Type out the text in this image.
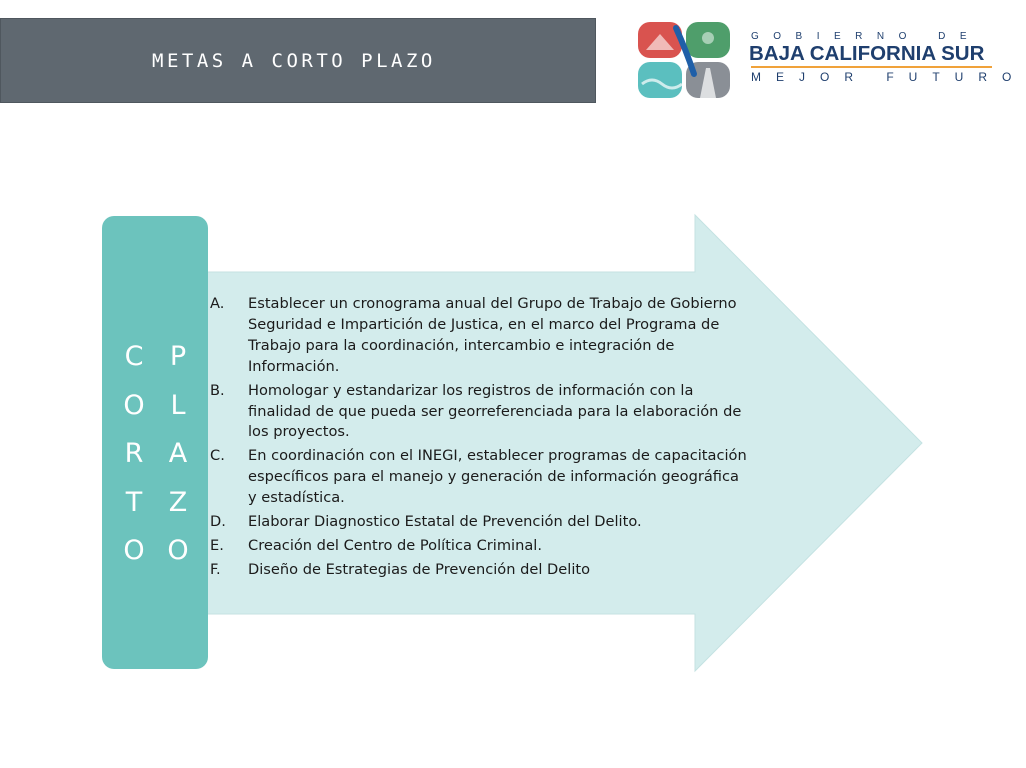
METAS A CORTO PLAZO
GOBIERNO DE
BAJA CALIFORNIA SUR
MEJOR FUTURO
C
O
R
T
O
P
L
A
Z
O
A.	Establecer un cronograma anual del Grupo de Trabajo de Gobierno Seguridad e Impartición de Justica, en el marco del Programa de Trabajo para la coordinación, intercambio e integración de Información.
B.	Homologar y estandarizar los registros de información con la finalidad de que pueda ser georreferenciada para la elaboración de los proyectos.
C.	En coordinación con el INEGI, establecer programas de capacitación específicos para el manejo y generación de información geográfica y estadística.
D.	Elaborar Diagnostico Estatal de Prevención del Delito.
E.	Creación del Centro de Política Criminal.
F.	Diseño de Estrategias de Prevención del Delito
